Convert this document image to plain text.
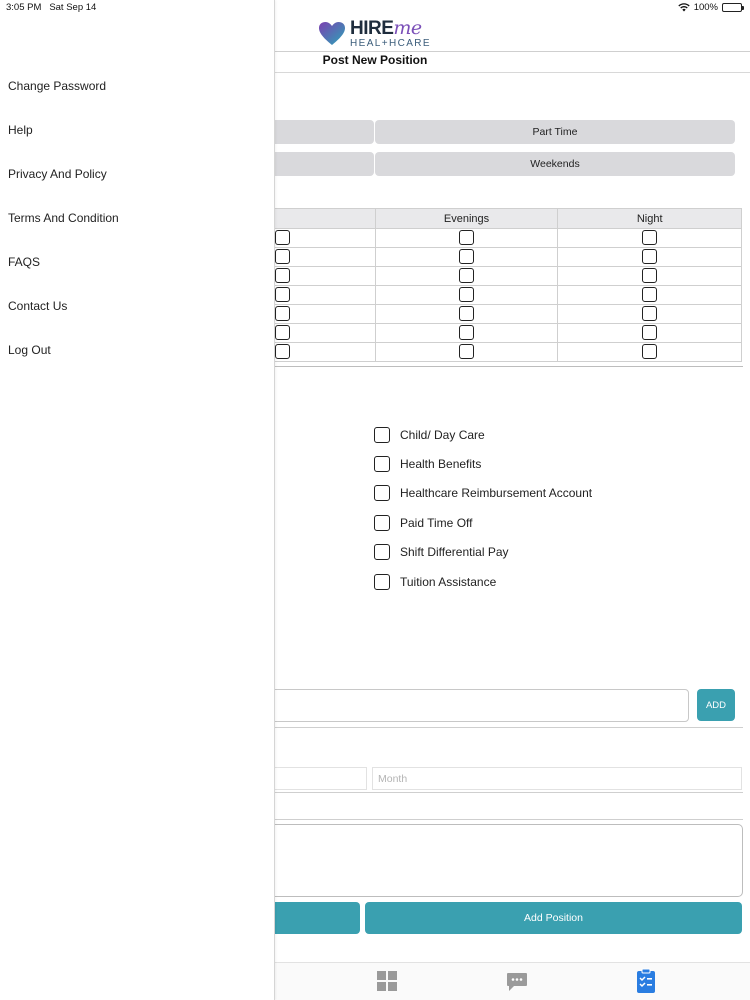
HIREme
HEAL+HCARE
Post New Position
Part Time
Weekends
	Evenings	Night

Child/ Day Care
Health Benefits
Healthcare Reimbursement Account
Paid Time Off
Shift Differential Pay
Tuition Assistance
ADD
Month
Add Position
Change Password
Help
Privacy And Policy
Terms And Condition
FAQS
Contact Us
Log Out
3:05 PM Sat Sep 14	100%
